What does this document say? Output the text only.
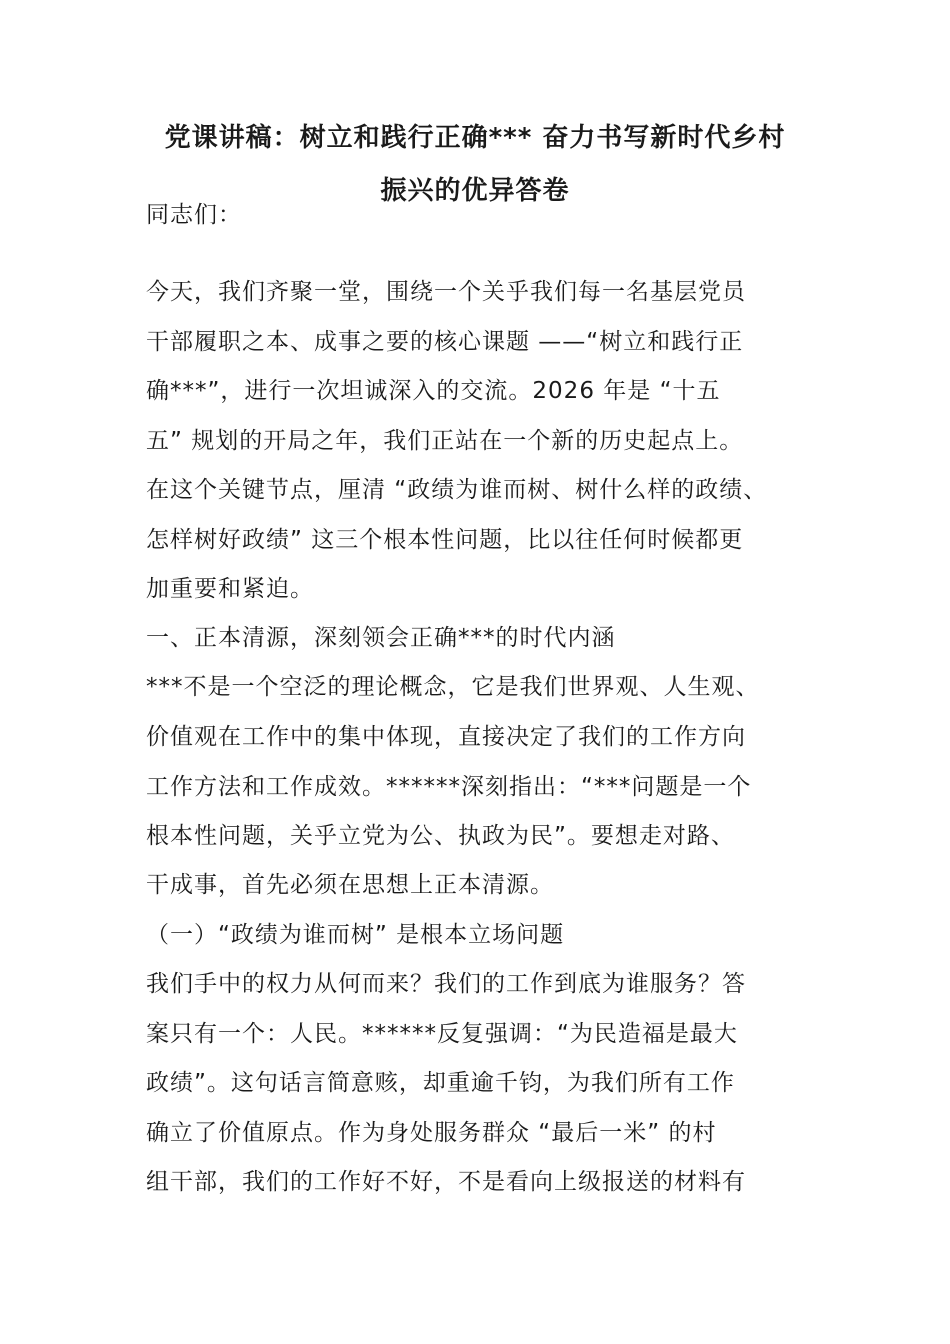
党课讲稿：树立和践行正确*** 奋力书写新时代乡村
振兴的优异答卷

同志们：

今天，我们齐聚一堂，围绕一个关乎我们每一名基层党员

干部履职之本、成事之要的核心课题 ——“树立和践行正

确***”，进行一次坦诚深入的交流。2026 年是 “十五

五” 规划的开局之年，我们正站在一个新的历史起点上。

在这个关键节点，厘清 “政绩为谁而树、树什么样的政绩、

怎样树好政绩” 这三个根本性问题，比以往任何时候都更

加重要和紧迫。

一、正本清源，深刻领会正确***的时代内涵

***不是一个空泛的理论概念，它是我们世界观、人生观、

价值观在工作中的集中体现，直接决定了我们的工作方向

工作方法和工作成效。******深刻指出：“***问题是一个

根本性问题，关乎立党为公、执政为民”。要想走对路、

干成事，首先必须在思想上正本清源。

（一）“政绩为谁而树” 是根本立场问题

我们手中的权力从何而来？我们的工作到底为谁服务？答

案只有一个：人民。******反复强调：“为民造福是最大

政绩”。这句话言简意赅，却重逾千钧，为我们所有工作

确立了价值原点。作为身处服务群众 “最后一米” 的村

组干部，我们的工作好不好，不是看向上级报送的材料有
